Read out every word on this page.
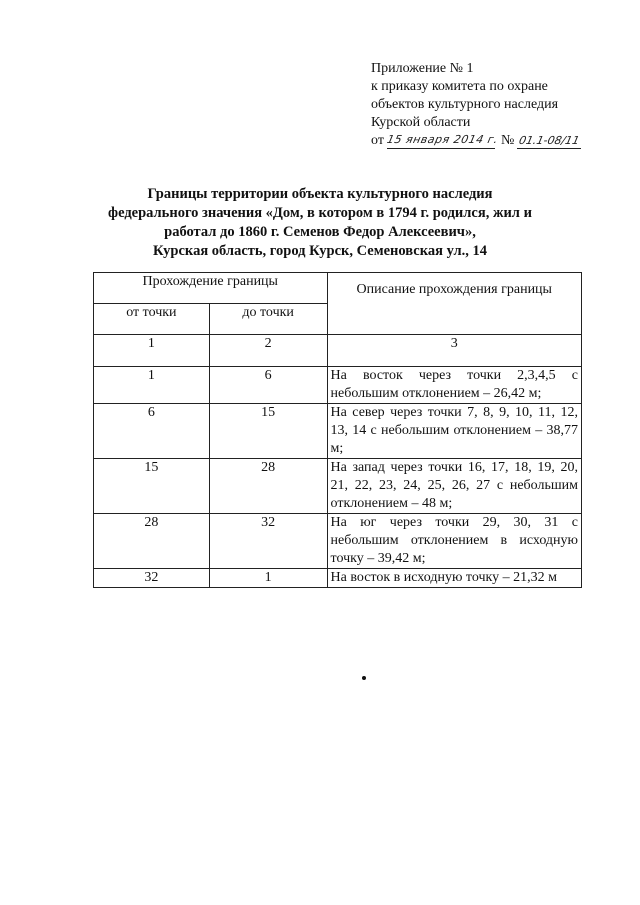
Приложение № 1
к приказу комитета по охране
объектов культурного наследия
Курской области
от 15 января 2014 г. № 01.1-08/11
Границы территории объекта культурного наследия
федерального значения «Дом, в котором в 1794 г. родился, жил и
работал до 1860 г. Семенов Федор Алексеевич»,
Курская область, город Курск, Семеновская ул., 14
Прохождение границы		Описание прохождения границы
от точки	до точки	
1	2	3
1	6	На восток через точки 2,3,4,5 с небольшим отклонением – 26,42 м;
6	15	На север через точки 7, 8, 9, 10, 11, 12, 13, 14 с небольшим отклонением – 38,77 м;
15	28	На запад через точки 16, 17, 18, 19, 20, 21, 22, 23, 24, 25, 26, 27 с небольшим отклонением – 48 м;
28	32	На юг через точки 29, 30, 31 с небольшим отклонением в исходную точку – 39,42 м;
32	1	На восток в исходную точку – 21,32 м
